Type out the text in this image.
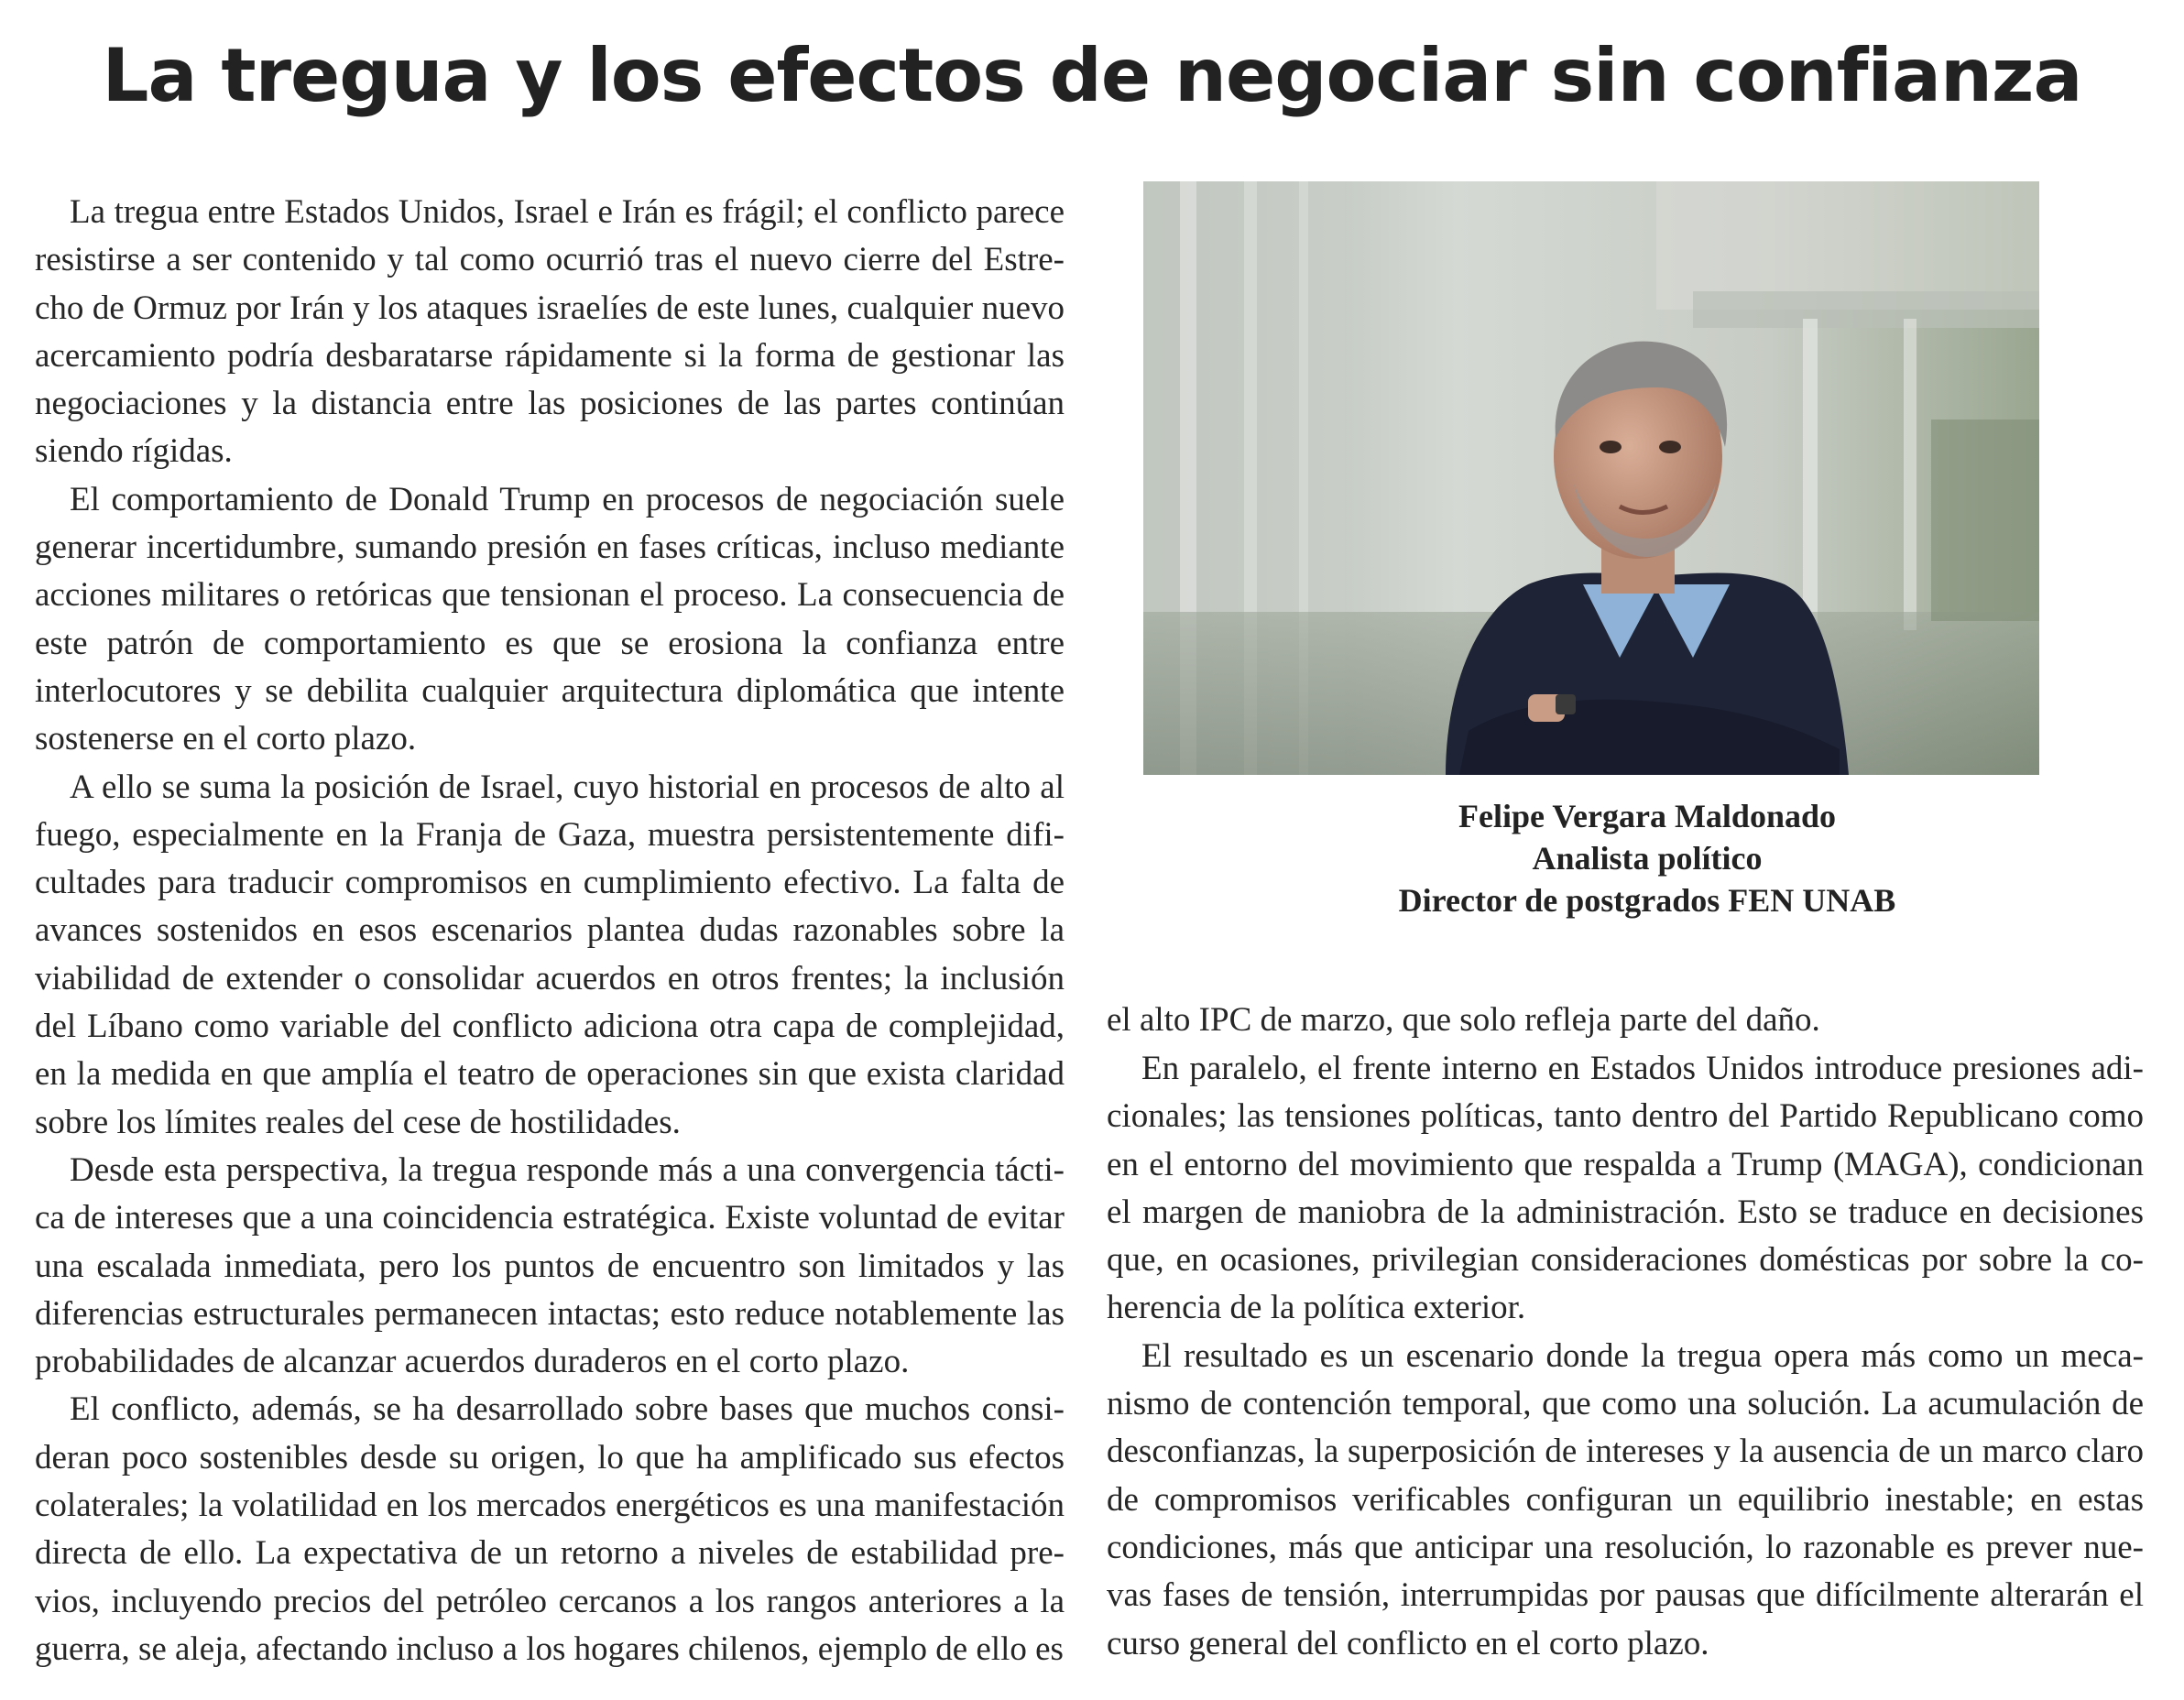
La tregua y los efectos de negociar sin confianza

La tregua entre Estados Unidos, Israel e Irán es frágil; el conflicto parece resistirse a ser contenido y tal como ocurrió tras el nuevo cierre del Estrecho de Ormuz por Irán y los ataques israelíes de este lunes, cualquier nuevo acercamiento podría desbaratarse rápidamente si la forma de gestionar las negociaciones y la distancia entre las posiciones de las partes continúan siendo rígidas.

El comportamiento de Donald Trump en procesos de negociación suele generar incertidumbre, sumando presión en fases críticas, incluso mediante acciones militares o retóricas que tensionan el proceso. La consecuencia de este patrón de comportamiento es que se erosiona la confianza entre interlocutores y se debilita cualquier arquitectura diplomática que intente sostenerse en el corto plazo.

A ello se suma la posición de Israel, cuyo historial en procesos de alto al fuego, especialmente en la Franja de Gaza, muestra persistentemente dificultades para traducir compromisos en cumplimiento efectivo. La falta de avances sostenidos en esos escenarios plantea dudas razonables sobre la viabilidad de extender o consolidar acuerdos en otros frentes; la inclusión del Líbano como variable del conflicto adiciona otra capa de complejidad, en la medida en que amplía el teatro de operaciones sin que exista claridad sobre los límites reales del cese de hostilidades.

Desde esta perspectiva, la tregua responde más a una convergencia táctica de intereses que a una coincidencia estratégica. Existe voluntad de evitar una escalada inmediata, pero los puntos de encuentro son limitados y las diferencias estructurales permanecen intactas; esto reduce notablemente las probabilidades de alcanzar acuerdos duraderos en el corto plazo.

El conflicto, además, se ha desarrollado sobre bases que muchos consideran poco sostenibles desde su origen, lo que ha amplificado sus efectos colaterales; la volatilidad en los mercados energéticos es una manifestación directa de ello. La expectativa de un retorno a niveles de estabilidad previos, incluyendo precios del petróleo cercanos a los rangos anteriores a la guerra, se aleja, afectando incluso a los hogares chilenos, ejemplo de ello es

Felipe Vergara Maldonado
Analista político
Director de postgrados FEN UNAB

el alto IPC de marzo, que solo refleja parte del daño.

En paralelo, el frente interno en Estados Unidos introduce presiones adicionales; las tensiones políticas, tanto dentro del Partido Republicano como en el entorno del movimiento que respalda a Trump (MAGA), condicionan el margen de maniobra de la administración. Esto se traduce en decisiones que, en ocasiones, privilegian consideraciones domésticas por sobre la coherencia de la política exterior.

El resultado es un escenario donde la tregua opera más como un mecanismo de contención temporal, que como una solución. La acumulación de desconfianzas, la superposición de intereses y la ausencia de un marco claro de compromisos verificables configuran un equilibrio inestable; en estas condiciones, más que anticipar una resolución, lo razonable es prever nuevas fases de tensión, interrumpidas por pausas que difícilmente alterarán el curso general del conflicto en el corto plazo.
